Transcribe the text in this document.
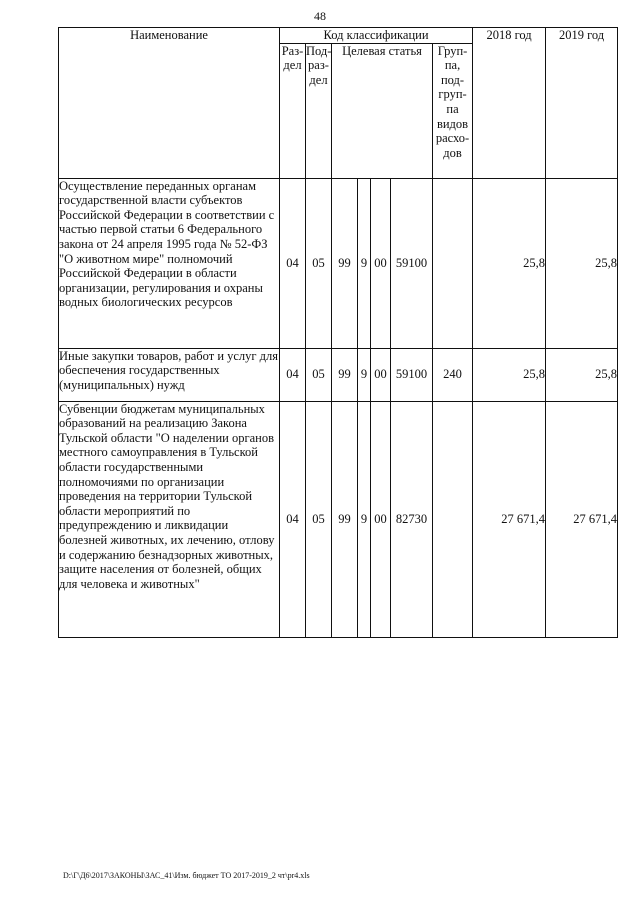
48
Наименование	Код классификации							2018 год	2019 год
	Раз-дел	Под-раз-дел	Целевая статья				Груп-па, под-груп-па видов расхо-дов		
Осуществление переданных органам государственной власти субъектов Российской Федерации в соответствии с частью первой статьи 6 Федерального закона от 24 апреля 1995 года № 52-ФЗ "О животном мире" полномочий Российской Федерации в области организации, регулирования и охраны водных биологических ресурсов	04	05	99	9	00	59100		25,8	25,8
Иные закупки товаров, работ и услуг для обеспечения государственных (муниципальных) нужд	04	05	99	9	00	59100	240	25,8	25,8
Субвенции бюджетам муниципальных образований на реализацию Закона Тульской области "О наделении органов местного самоуправления в Тульской области государственными полномочиями по организации проведения на территории Тульской области мероприятий по предупреждению и ликвидации болезней животных, их лечению, отлову и содержанию безнадзорных животных, защите населения от болезней, общих для человека и животных"	04	05	99	9	00	82730		27 671,4	27 671,4
D:\Г\Д6\2017\ЗАКОНЫ\ЗАС_41\Изм. бюджет ТО 2017-2019_2 чт\pr4.xls
